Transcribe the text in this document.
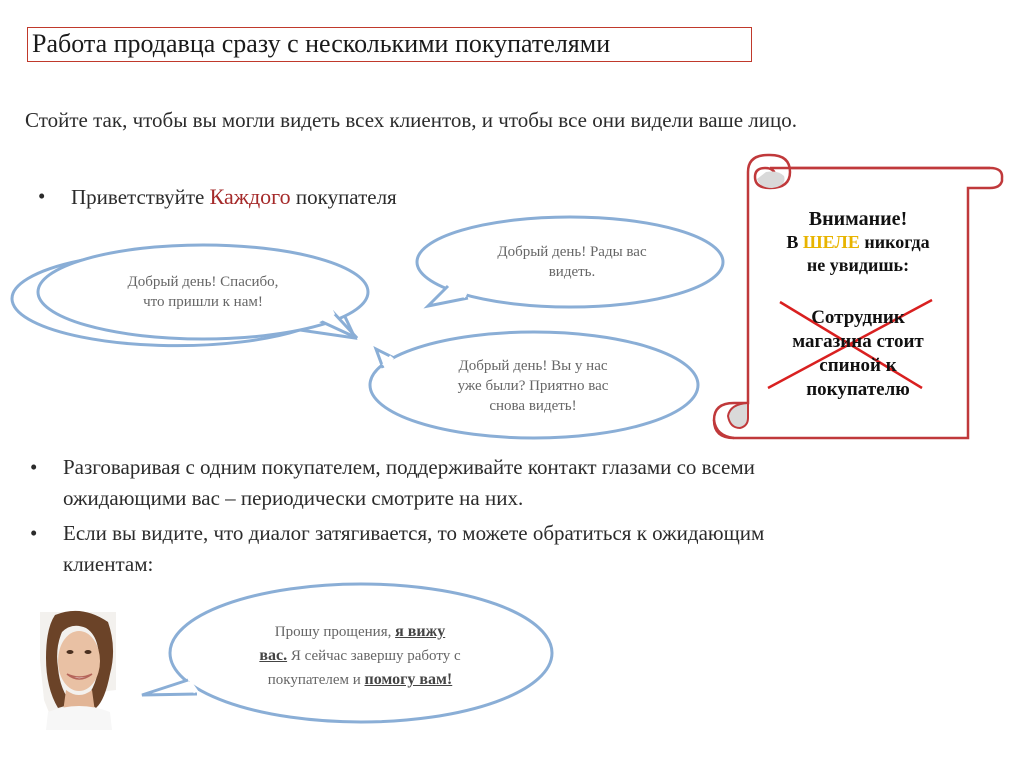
Работа продавца сразу с несколькими покупателями
Стойте так, чтобы вы могли видеть всех клиентов, и чтобы все они видели ваше лицо.
• Приветствуйте Каждого покупателя
Добрый день! Спасибо,
что пришли к нам!
Добрый день! Рады вас
видеть.
Добрый день! Вы у нас
уже были? Приятно вас
снова видеть!
Прошу прощения, я вижу
вас. Я сейчас завершу работу с
покупателем и помогу вам!
Внимание!
В ШЕЛЕ никогда
не увидишь:
Сотрудник
магазина стоит
спиной к
покупателю
• Разговаривая с одним покупателем, поддерживайте контакт глазами со всеми
ожидающими вас – периодически смотрите на них.
• Если вы видите, что диалог затягивается, то можете обратиться к ожидающим
клиентам:
